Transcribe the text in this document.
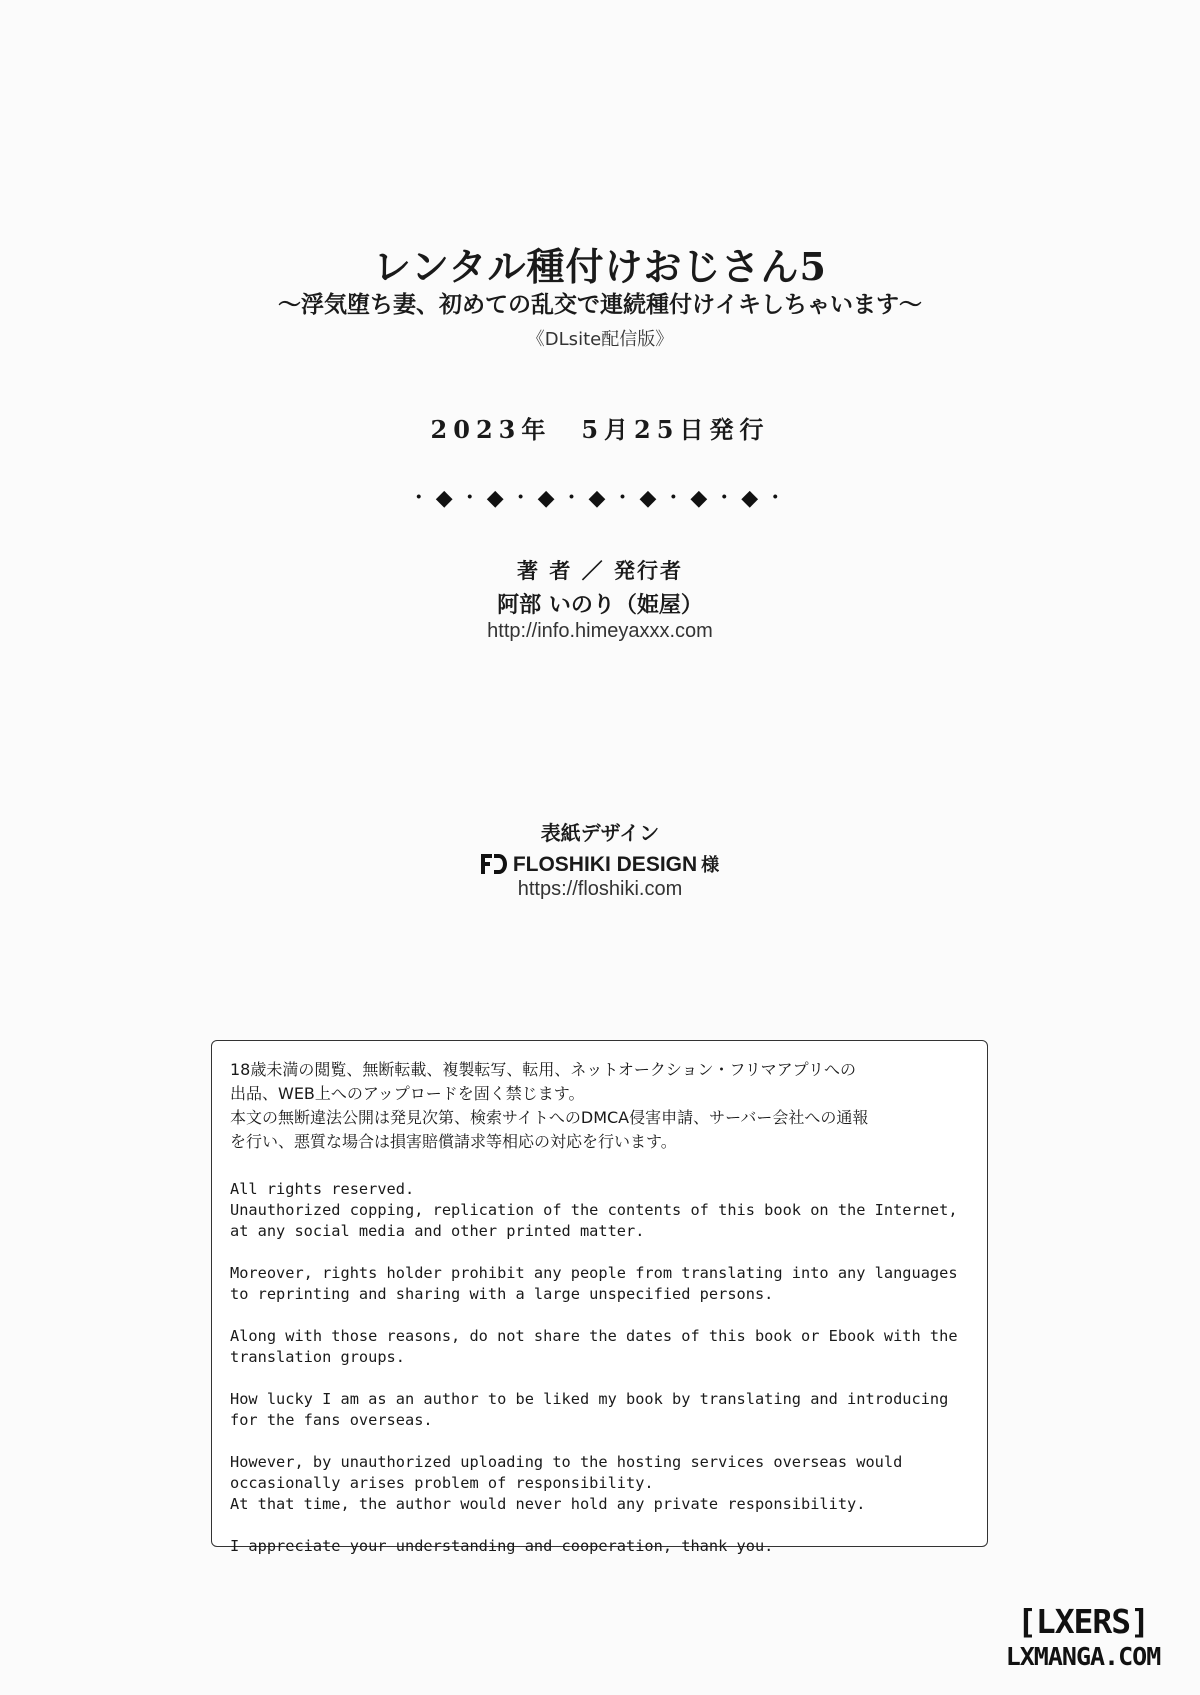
レンタル種付けおじさん5
〜浮気堕ち妻、初めての乱交で連続種付けイキしちゃいます〜
《DLsite配信版》
2023年　5月25日発行
・◆・◆・◆・◆・◆・◆・◆・
著 者 ／ 発行者
阿部 いのり（姫屋）
http://info.himeyaxxx.com
表紙デザイン
FLOSHIKI DESIGN 様
https://floshiki.com

18歳未満の閲覧、無断転載、複製転写、転用、ネットオークション・フリマアプリへの

出品、WEB上へのアップロードを固く禁じます。

本文の無断違法公開は発見次第、検索サイトへのDMCA侵害申請、サーバー会社への通報

を行い、悪質な場合は損害賠償請求等相応の対応を行います。

All rights reserved.
Unauthorized copping, replication of the contents of this book on the Internet,
at any social media and other printed matter.

Moreover, rights holder prohibit any people from translating into any languages
to reprinting and sharing with a large unspecified persons.

Along with those reasons, do not share the dates of this book or Ebook with the
translation groups.

How lucky I am as an author to be liked my book by translating and introducing
for the fans overseas.

However, by unauthorized uploading to the hosting services overseas would
occasionally arises problem of responsibility.
At that time, the author would never hold any private responsibility.

I appreciate your understanding and cooperation, thank you.

[LXERS]
LXMANGA.COM
